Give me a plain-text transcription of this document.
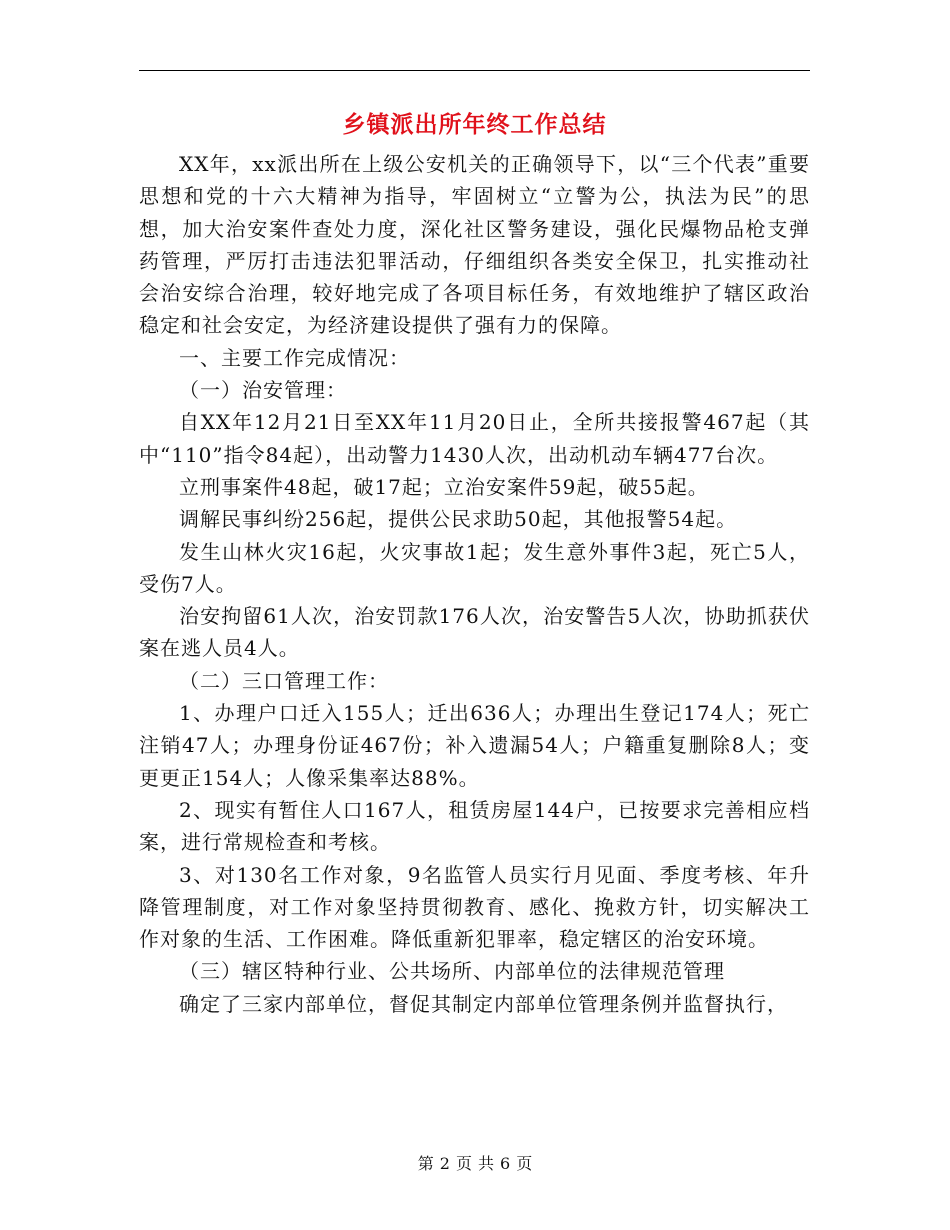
乡镇派出所年终工作总结

XX年，xx派出所在上级公安机关的正确领导下，以“三个代表”重要思想和党的十六大精神为指导，牢固树立“立警为公，执法为民”的思想，加大治安案件查处力度，深化社区警务建设，强化民爆物品枪支弹药管理，严厉打击违法犯罪活动，仔细组织各类安全保卫，扎实推动社会治安综合治理，较好地完成了各项目标任务，有效地维护了辖区政治稳定和社会安定，为经济建设提供了强有力的保障。

一、主要工作完成情况：

（一）治安管理：

自XX年12月21日至XX年11月20日止，全所共接报警467起（其中“110”指令84起），出动警力1430人次，出动机动车辆477台次。

立刑事案件48起，破17起；立治安案件59起，破55起。

调解民事纠纷256起，提供公民求助50起，其他报警54起。

发生山林火灾16起，火灾事故1起；发生意外事件3起，死亡5人，受伤7人。

治安拘留61人次，治安罚款176人次，治安警告5人次，协助抓获伏案在逃人员4人。

（二）三口管理工作：

1、办理户口迁入155人；迁出636人；办理出生登记174人；死亡注销47人；办理身份证467份；补入遗漏54人；户籍重复删除8人；变更更正154人；人像采集率达88%。

2、现实有暂住人口167人，租赁房屋144户，已按要求完善相应档案，进行常规检查和考核。

3、对130名工作对象，9名监管人员实行月见面、季度考核、年升降管理制度，对工作对象坚持贯彻教育、感化、挽救方针，切实解决工作对象的生活、工作困难。降低重新犯罪率，稳定辖区的治安环境。

（三）辖区特种行业、公共场所、内部单位的法律规范管理

确定了三家内部单位，督促其制定内部单位管理条例并监督执行，

第 2 页 共 6 页
